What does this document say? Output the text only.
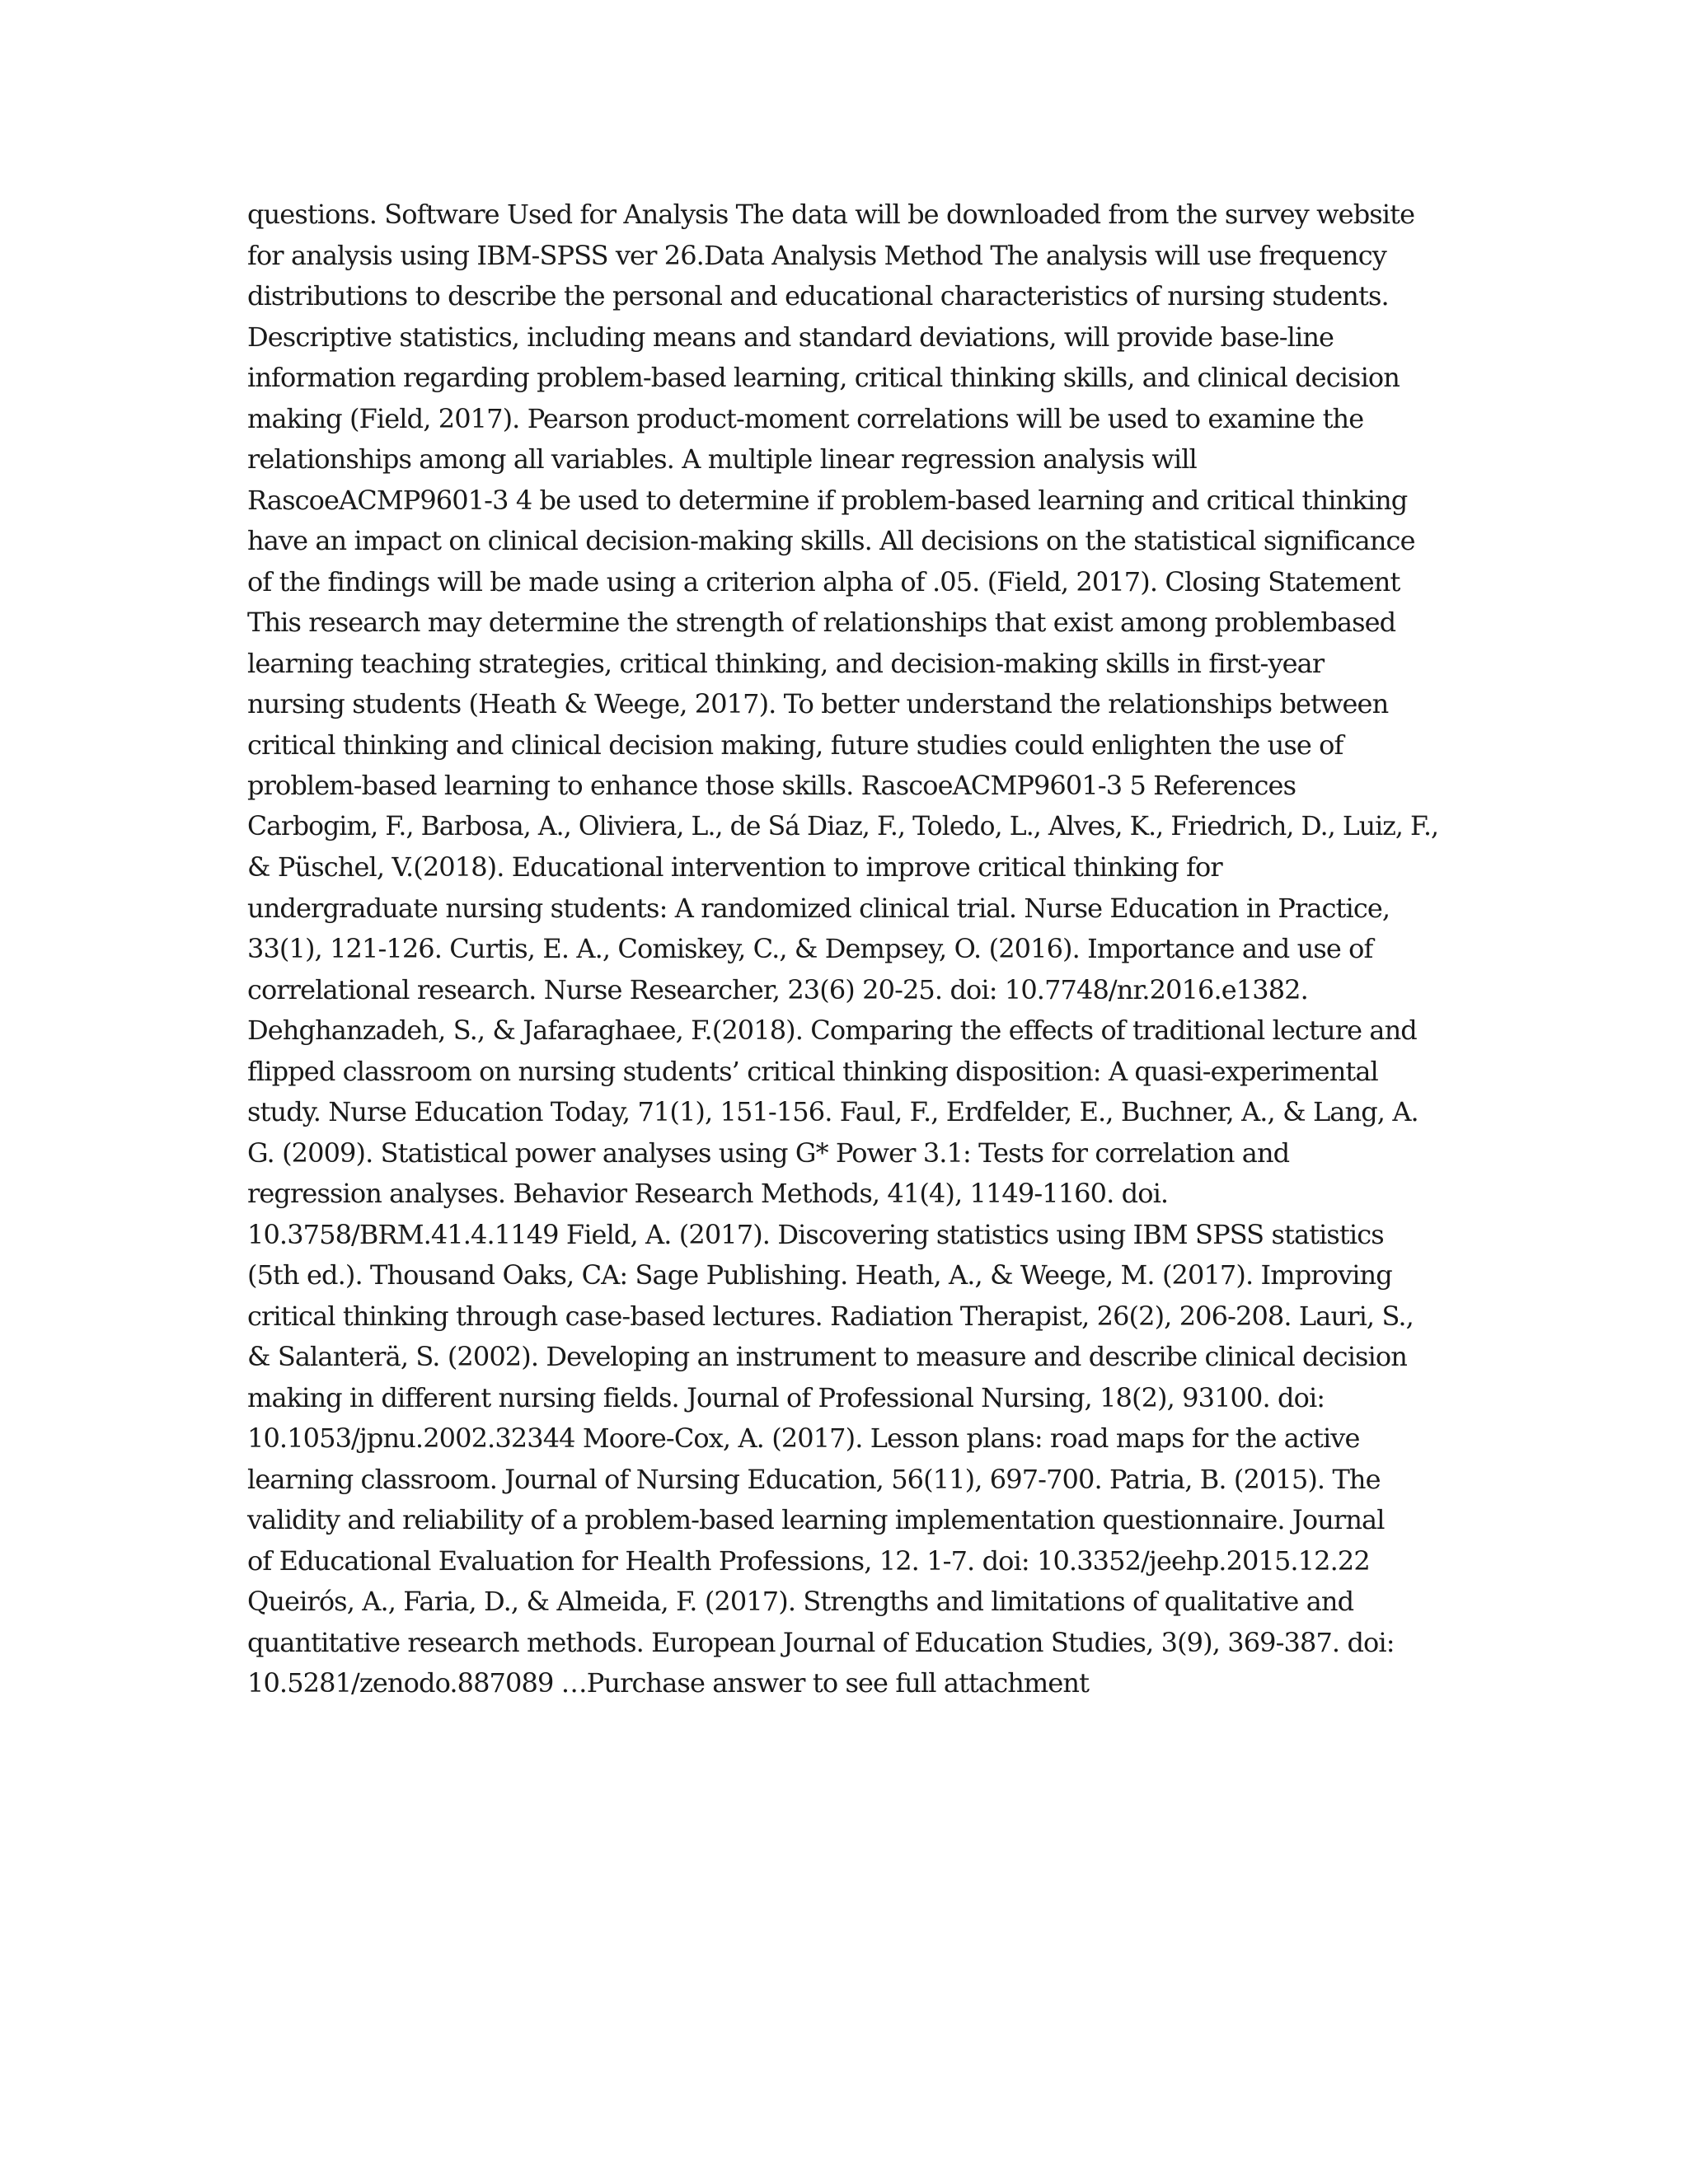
questions. Software Used for Analysis The data will be downloaded from the survey website
for analysis using IBM-SPSS ver 26.Data Analysis Method The analysis will use frequency
distributions to describe the personal and educational characteristics of nursing students.
Descriptive statistics, including means and standard deviations, will provide base-line
information regarding problem-based learning, critical thinking skills, and clinical decision
making (Field, 2017). Pearson product-moment correlations will be used to examine the
relationships among all variables. A multiple linear regression analysis will
RascoeACMP9601-3 4 be used to determine if problem-based learning and critical thinking
have an impact on clinical decision-making skills. All decisions on the statistical significance
of the findings will be made using a criterion alpha of .05. (Field, 2017). Closing Statement
This research may determine the strength of relationships that exist among problembased
learning teaching strategies, critical thinking, and decision-making skills in first-year
nursing students (Heath & Weege, 2017). To better understand the relationships between
critical thinking and clinical decision making, future studies could enlighten the use of
problem-based learning to enhance those skills. RascoeACMP9601-3 5 References
Carbogim, F., Barbosa, A., Oliviera, L., de Sá Diaz, F., Toledo, L., Alves, K., Friedrich, D., Luiz, F.,
& Püschel, V.(2018). Educational intervention to improve critical thinking for
undergraduate nursing students: A randomized clinical trial. Nurse Education in Practice,
33(1), 121-126. Curtis, E. A., Comiskey, C., & Dempsey, O. (2016). Importance and use of
correlational research. Nurse Researcher, 23(6) 20-25. doi: 10.7748/nr.2016.e1382.
Dehghanzadeh, S., & Jafaraghaee, F.(2018). Comparing the effects of traditional lecture and
flipped classroom on nursing students’ critical thinking disposition: A quasi-experimental
study. Nurse Education Today, 71(1), 151-156. Faul, F., Erdfelder, E., Buchner, A., & Lang, A.
G. (2009). Statistical power analyses using G* Power 3.1: Tests for correlation and
regression analyses. Behavior Research Methods, 41(4), 1149-1160. doi.
10.3758/BRM.41.4.1149 Field, A. (2017). Discovering statistics using IBM SPSS statistics
(5th ed.). Thousand Oaks, CA: Sage Publishing. Heath, A., & Weege, M. (2017). Improving
critical thinking through case-based lectures. Radiation Therapist, 26(2), 206-208. Lauri, S.,
& Salanterä, S. (2002). Developing an instrument to measure and describe clinical decision
making in different nursing fields. Journal of Professional Nursing, 18(2), 93100. doi:
10.1053/jpnu.2002.32344 Moore-Cox, A. (2017). Lesson plans: road maps for the active
learning classroom. Journal of Nursing Education, 56(11), 697-700. Patria, B. (2015). The
validity and reliability of a problem-based learning implementation questionnaire. Journal
of Educational Evaluation for Health Professions, 12. 1-7. doi: 10.3352/jeehp.2015.12.22
Queirós, A., Faria, D., & Almeida, F. (2017). Strengths and limitations of qualitative and
quantitative research methods. European Journal of Education Studies, 3(9), 369-387. doi:
10.5281/zenodo.887089 …Purchase answer to see full attachment
